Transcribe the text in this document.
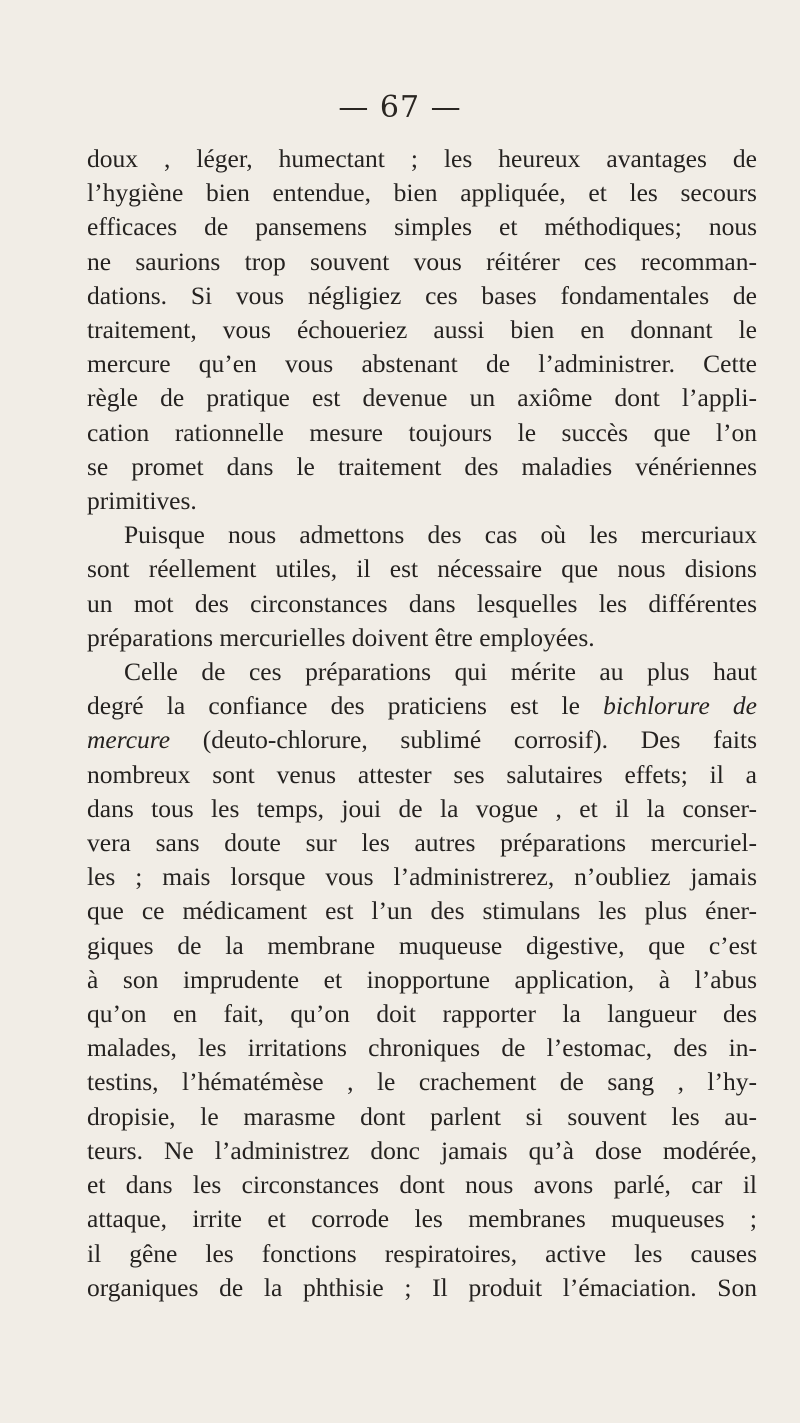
— 67 —
doux , léger, humectant ; les heureux avantages de
l’hygiène bien entendue, bien appliquée, et les secours
efficaces de pansemens simples et méthodiques; nous
ne saurions trop souvent vous réitérer ces recomman-
dations. Si vous négligiez ces bases fondamentales de
traitement, vous échoueriez aussi bien en donnant le
mercure qu’en vous abstenant de l’administrer. Cette
règle de pratique est devenue un axiôme dont l’appli-
cation rationnelle mesure toujours le succès que l’on
se promet dans le traitement des maladies vénériennes
primitives.
Puisque nous admettons des cas où les mercuriaux
sont réellement utiles, il est nécessaire que nous disions
un mot des circonstances dans lesquelles les différentes
préparations mercurielles doivent être employées.
Celle de ces préparations qui mérite au plus haut
degré la confiance des praticiens est le bichlorure de
mercure (deuto-chlorure, sublimé corrosif). Des faits
nombreux sont venus attester ses salutaires effets; il a
dans tous les temps, joui de la vogue , et il la conser-
vera sans doute sur les autres préparations mercuriel-
les ; mais lorsque vous l’administrerez, n’oubliez jamais
que ce médicament est l’un des stimulans les plus éner-
giques de la membrane muqueuse digestive, que c’est
à son imprudente et inopportune application, à l’abus
qu’on en fait, qu’on doit rapporter la langueur des
malades, les irritations chroniques de l’estomac, des in-
testins, l’hématémèse , le crachement de sang , l’hy-
dropisie, le marasme dont parlent si souvent les au-
teurs. Ne l’administrez donc jamais qu’à dose modérée,
et dans les circonstances dont nous avons parlé, car il
attaque, irrite et corrode les membranes muqueuses ;
il gêne les fonctions respiratoires, active les causes
organiques de la phthisie ; Il produit l’émaciation. Son
